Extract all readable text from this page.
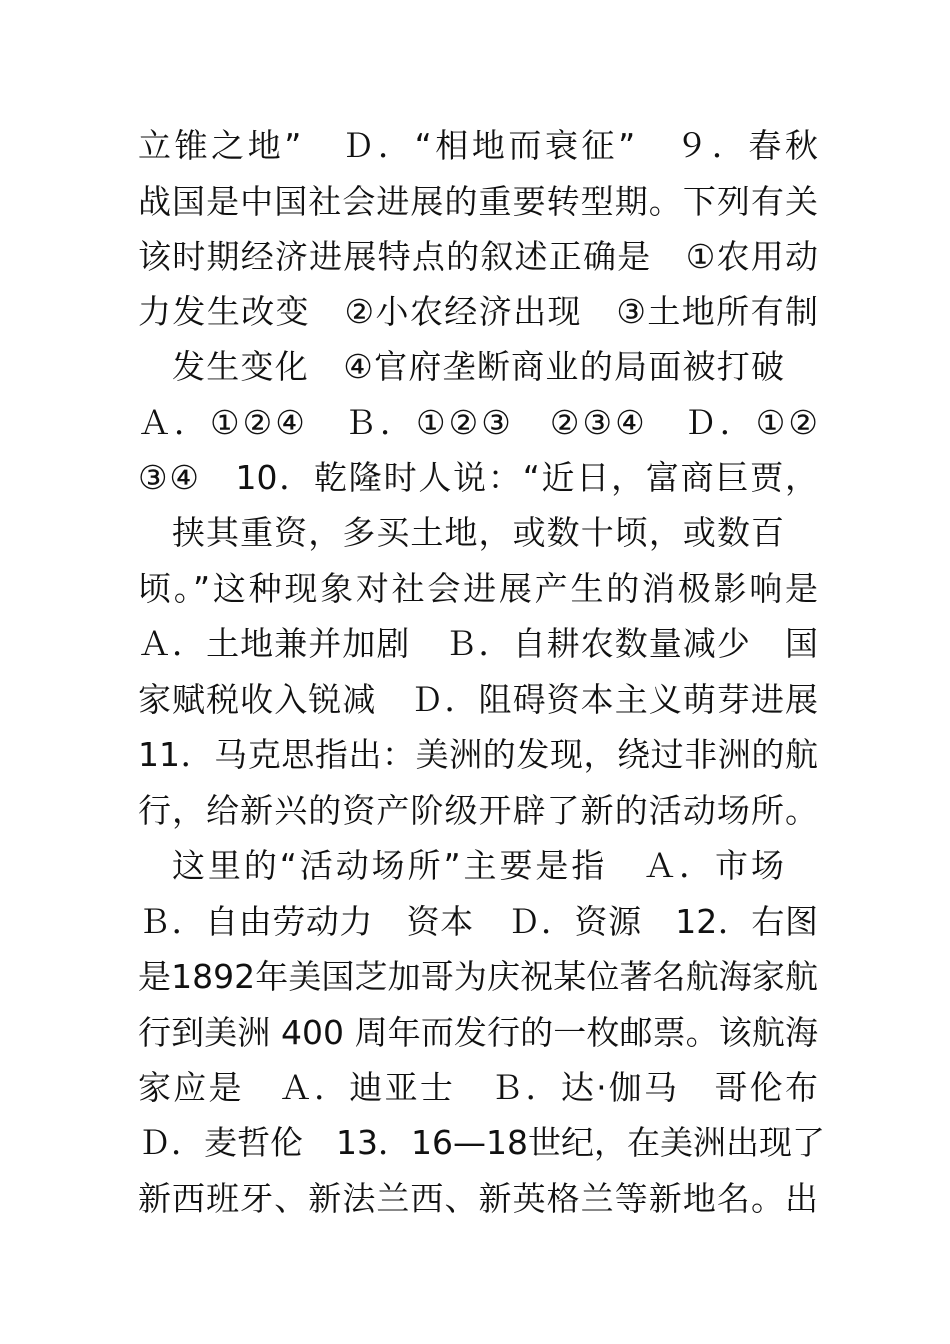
立锥之地”　Ｄ．“相地而衰征”　９．春秋
战国是中国社会进展的重要转型期。下列有关
该时期经济进展特点的叙述正确是　①农用动
力发生改变　②小农经济出现　③土地所有制
发生变化　④官府垄断商业的局面被打破
Ａ．①②④　Ｂ．①②③　②③④　Ｄ．①②
③④　10．乾隆时人说：“近日，富商巨贾，
挟其重资，多买土地，或数十顷，或数百
顷。”这种现象对社会进展产生的消极影响是
Ａ．土地兼并加剧　Ｂ．自耕农数量减少　国
家赋税收入锐减　Ｄ．阻碍资本主义萌芽进展
11．马克思指出：美洲的发现，绕过非洲的航
行，给新兴的资产阶级开辟了新的活动场所。
这里的“活动场所”主要是指　Ａ．市场
Ｂ．自由劳动力　资本　Ｄ．资源　12．右图
是1892年美国芝加哥为庆祝某位著名航海家航
行到美洲 400 周年而发行的一枚邮票。该航海
家应是　Ａ．迪亚士　Ｂ．达·伽马　哥伦布
Ｄ．麦哲伦　13．16—18世纪，在美洲出现了
新西班牙、新法兰西、新英格兰等新地名。出
